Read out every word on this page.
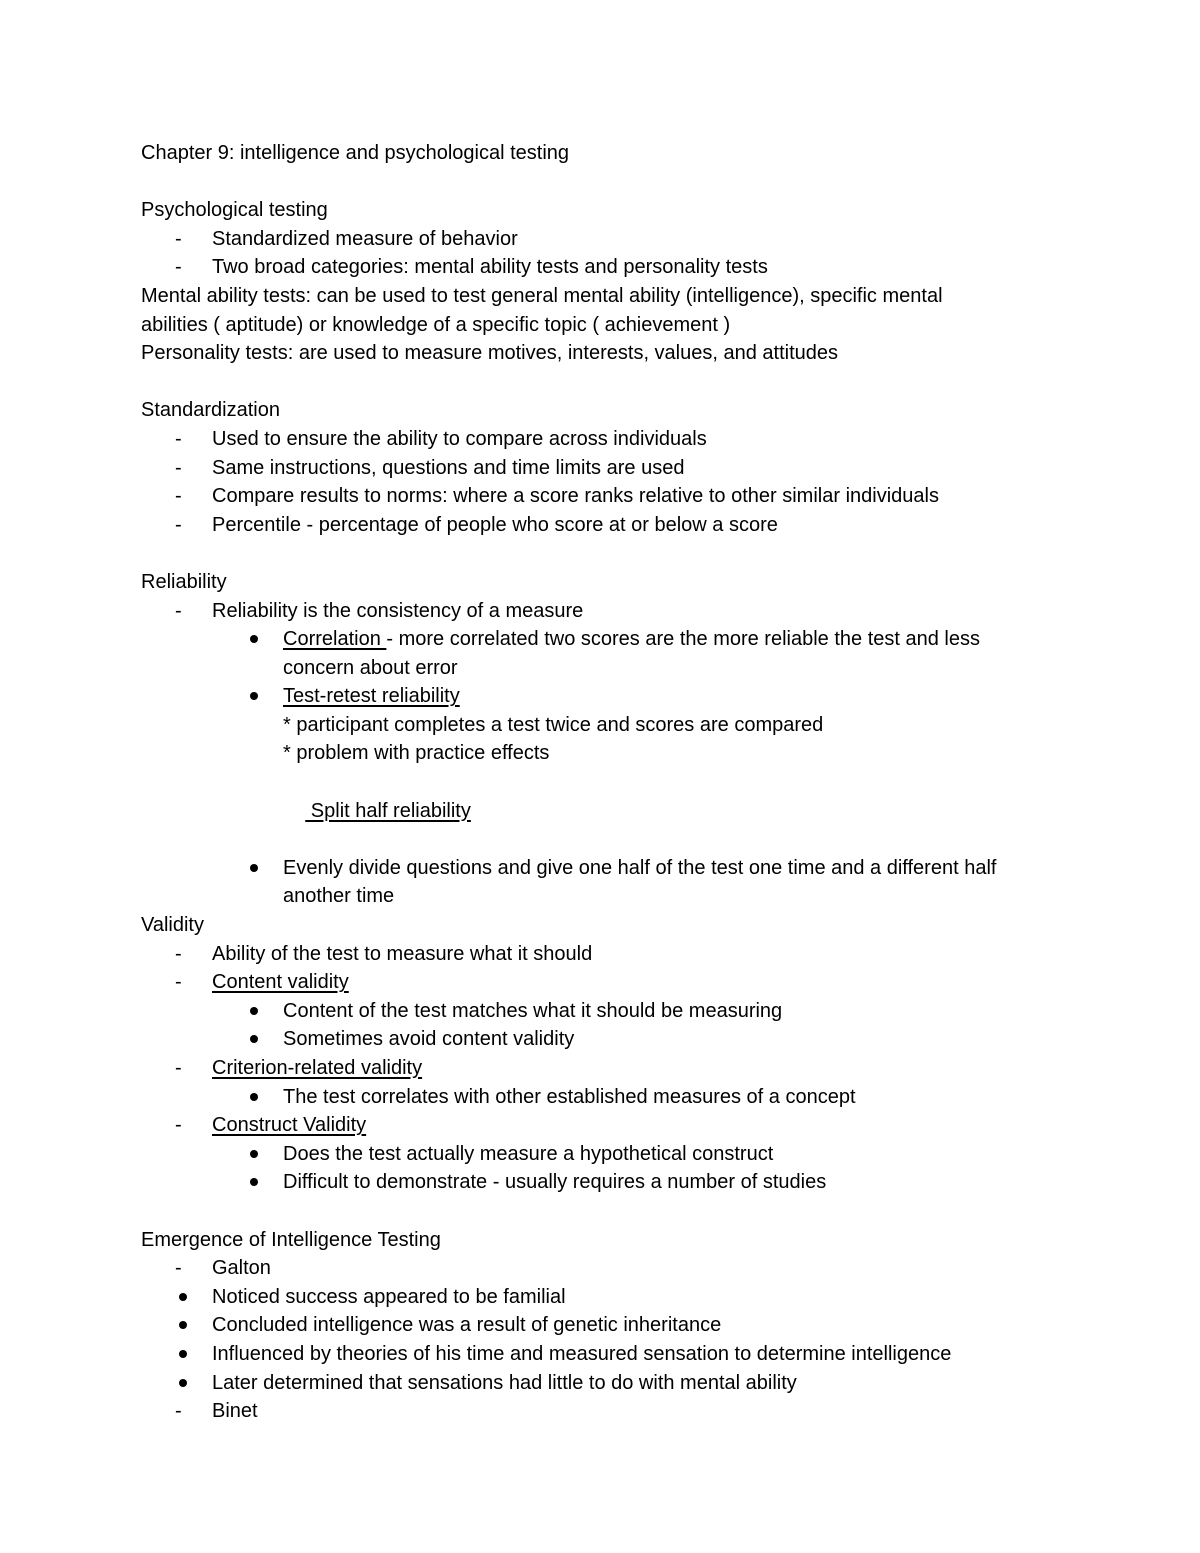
Chapter 9: intelligence and psychological testing
Psychological testing
- Standardized measure of behavior
- Two broad categories: mental ability tests and personality tests
Mental ability tests: can be used to test general mental ability (intelligence), specific mental
abilities ( aptitude) or knowledge of a specific topic ( achievement )
Personality tests: are used to measure motives, interests, values, and attitudes
Standardization
- Used to ensure the ability to compare across individuals
- Same instructions, questions and time limits are used
- Compare results to norms: where a score ranks relative to other similar individuals
- Percentile - percentage of people who score at or below a score
Reliability
- Reliability is the consistency of a measure
Correlation - more correlated two scores are the more reliable the test and less
concern about error
Test-retest reliability
* participant completes a test twice and scores are compared
* problem with practice effects

Split half reliability

Evenly divide questions and give one half of the test one time and a different half
another time
Validity
- Ability of the test to measure what it should
- Content validity
Content of the test matches what it should be measuring
Sometimes avoid content validity
- Criterion-related validity
The test correlates with other established measures of a concept
- Construct Validity
Does the test actually measure a hypothetical construct
Difficult to demonstrate - usually requires a number of studies
Emergence of Intelligence Testing
- Galton
Noticed success appeared to be familial
Concluded intelligence was a result of genetic inheritance
Influenced by theories of his time and measured sensation to determine intelligence
Later determined that sensations had little to do with mental ability
- Binet
